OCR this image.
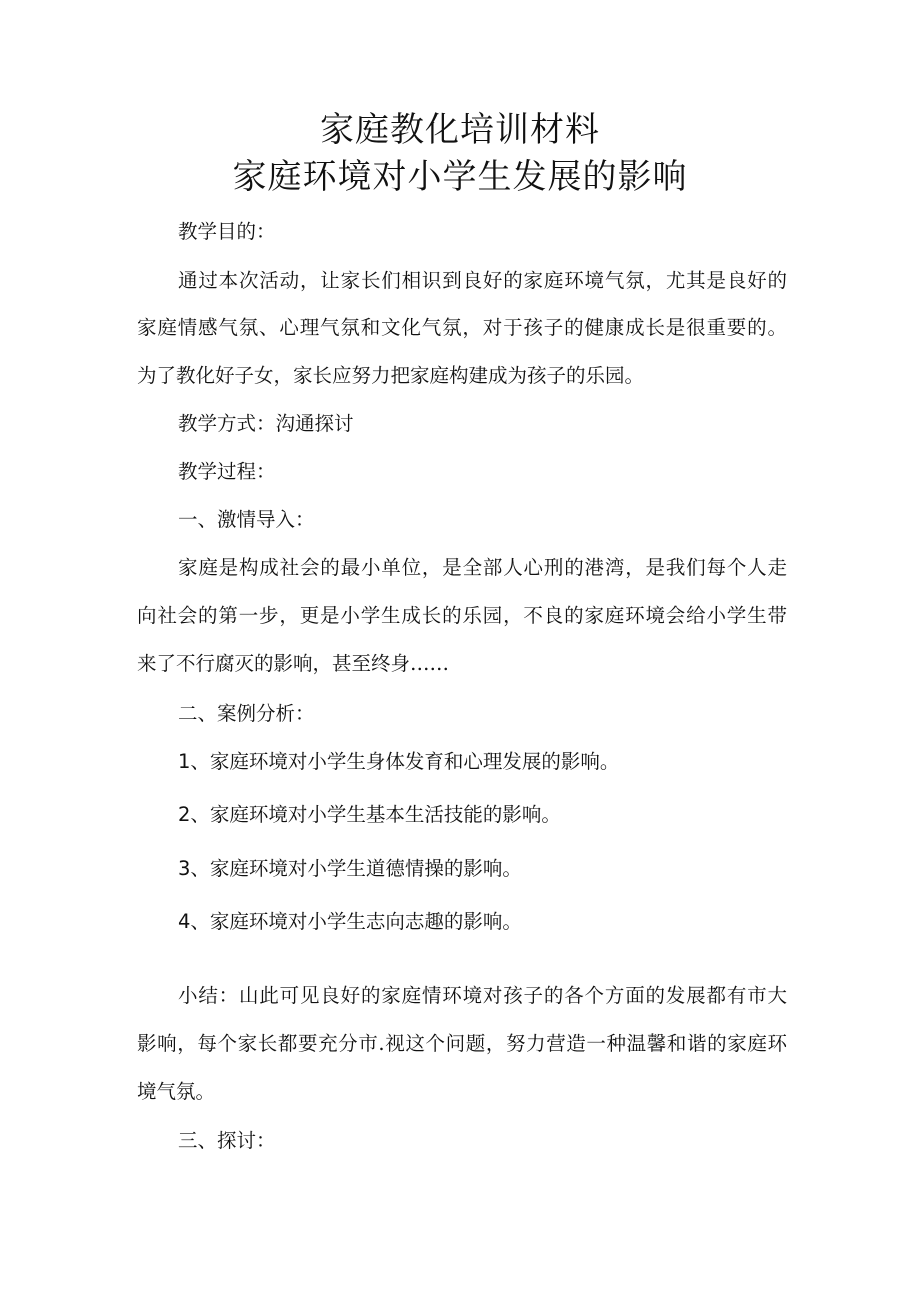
家庭教化培训材料
家庭环境对小学生发展的影响
教学目的：
通过本次活动，让家长们相识到良好的家庭环境气氛，尤其是良好的
家庭情感气氛、心理气氛和文化气氛，对于孩子的健康成长是很重要的。
为了教化好子女，家长应努力把家庭构建成为孩子的乐园。
教学方式：沟通探讨
教学过程：
一、激情导入：
家庭是构成社会的最小单位，是全部人心刑的港湾，是我们每个人走
向社会的第一步，更是小学生成长的乐园，不良的家庭环境会给小学生带
来了不行腐灭的影响，甚至终身……
二、案例分析：
1、家庭环境对小学生身体发育和心理发展的影响。
2、家庭环境对小学生基本生活技能的影响。
3、家庭环境对小学生道德情操的影响。
4、家庭环境对小学生志向志趣的影响。
小结：山此可见良好的家庭情环境对孩子的各个方面的发展都有市大
影响，每个家长都要充分市.视这个问题，努力营造一种温馨和谐的家庭环
境气氛。
三、探讨：
